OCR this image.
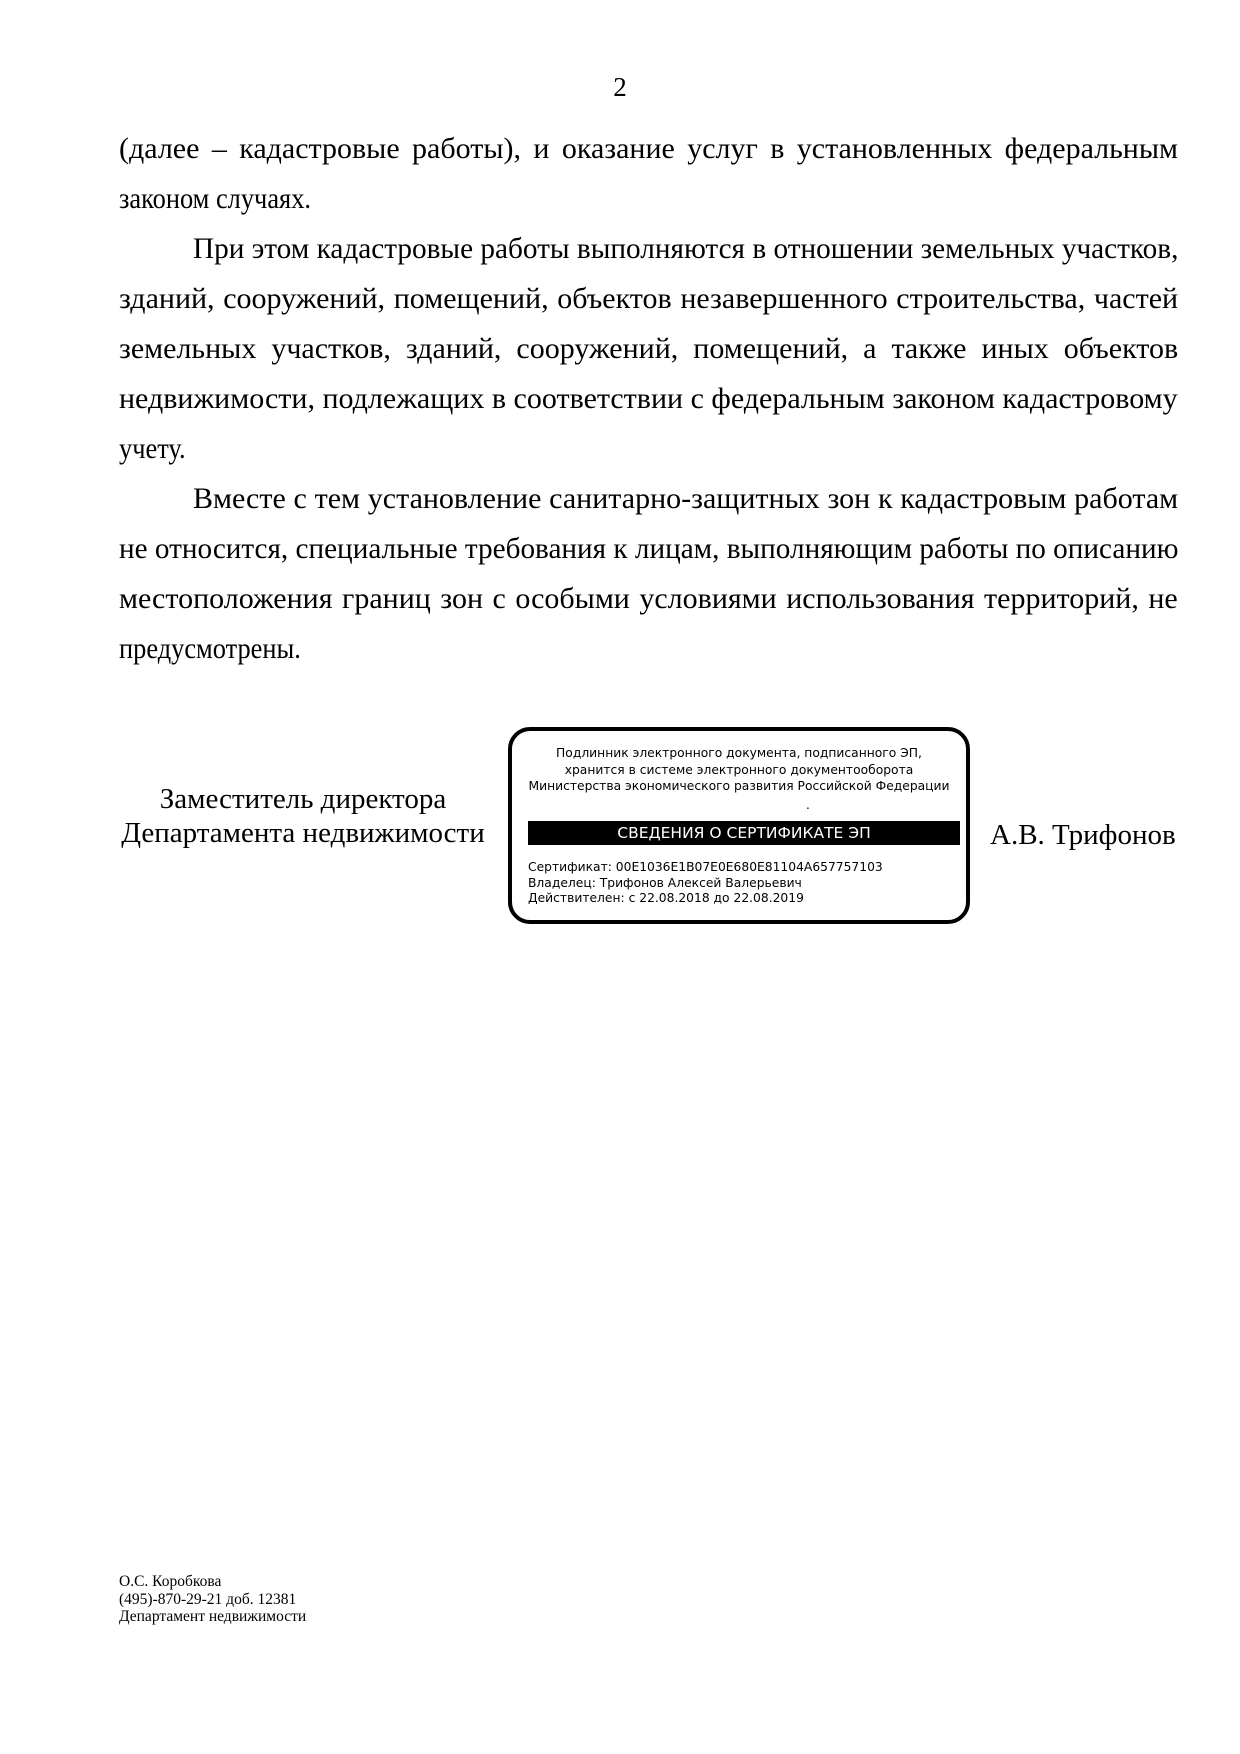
2
(далее – кадастровые работы), и оказание услуг в установленных федеральным
законом случаях.
При этом кадастровые работы выполняются в отношении земельных участков,
зданий, сооружений, помещений, объектов незавершенного строительства, частей
земельных участков, зданий, сооружений, помещений, а также иных объектов
недвижимости, подлежащих в соответствии с федеральным законом кадастровому
учету.
Вместе с тем установление санитарно-защитных зон к кадастровым работам
не относится, специальные требования к лицам, выполняющим работы по описанию
местоположения границ зон с особыми условиями использования территорий, не
предусмотрены.
Заместитель директора
Департамента недвижимости
Подлинник электронного документа, подписанного ЭП,
хранится в системе электронного документооборота
Министерства экономического развития Российской Федерации
.
СВЕДЕНИЯ О СЕРТИФИКАТЕ ЭП
Сертификат: 00E1036E1B07E0E680E81104A657757103
Владелец: Трифонов Алексей Валерьевич
Действителен: с 22.08.2018 до 22.08.2019
А.В. Трифонов
О.С. Коробкова
(495)-870-29-21 доб. 12381
Департамент недвижимости
